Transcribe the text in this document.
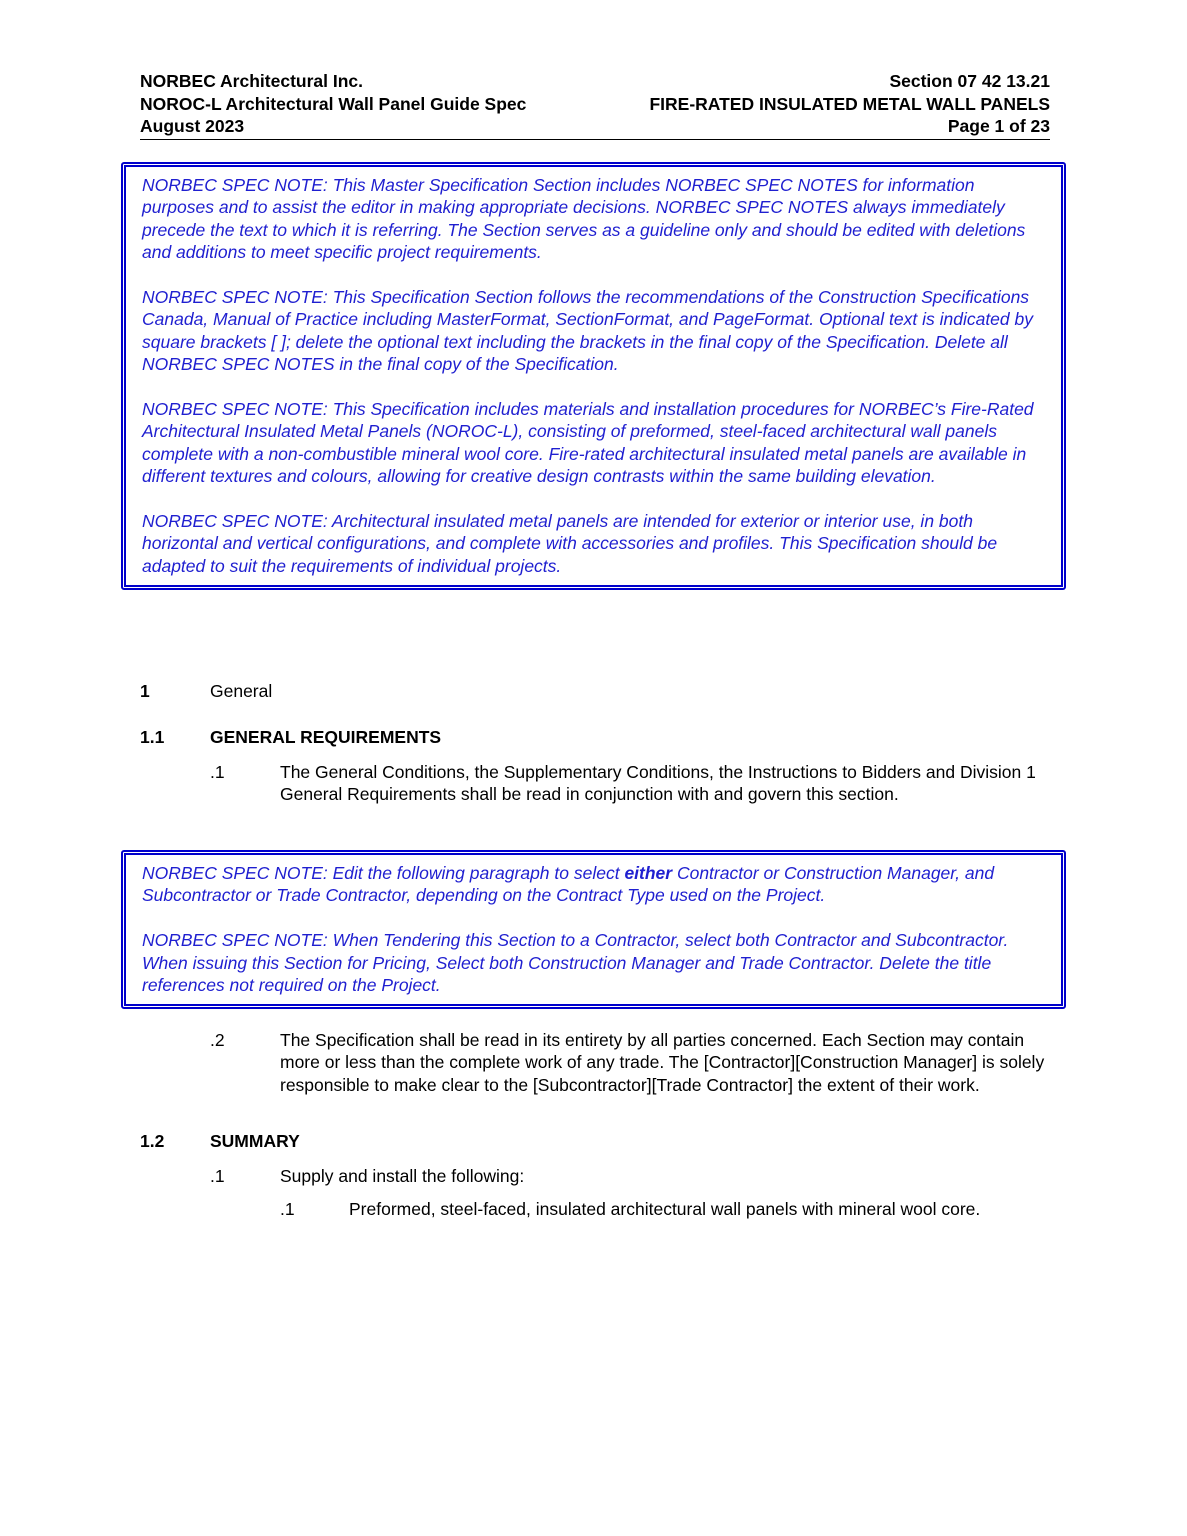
NORBEC Architectural Inc.	Section 07 42 13.21
NOROC-L Architectural Wall Panel Guide Spec	FIRE-RATED INSULATED METAL WALL PANELS
August 2023	Page 1 of 23

NORBEC SPEC NOTE: This Master Specification Section includes NORBEC SPEC NOTES for information purposes and to assist the editor in making appropriate decisions. NORBEC SPEC NOTES always immediately precede the text to which it is referring. The Section serves as a guideline only and should be edited with deletions and additions to meet specific project requirements.

NORBEC SPEC NOTE: This Specification Section follows the recommendations of the Construction Specifications Canada, Manual of Practice including MasterFormat, SectionFormat, and PageFormat. Optional text is indicated by square brackets [ ]; delete the optional text including the brackets in the final copy of the Specification. Delete all NORBEC SPEC NOTES in the final copy of the Specification.

NORBEC SPEC NOTE: This Specification includes materials and installation procedures for NORBEC’s Fire-Rated Architectural Insulated Metal Panels (NOROC-L), consisting of preformed, steel-faced architectural wall panels complete with a non-combustible mineral wool core. Fire-rated architectural insulated metal panels are available in different textures and colours, allowing for creative design contrasts within the same building elevation.

NORBEC SPEC NOTE: Architectural insulated metal panels are intended for exterior or interior use, in both horizontal and vertical configurations, and complete with accessories and profiles. This Specification should be adapted to suit the requirements of individual projects.

1	General
1.1	GENERAL REQUIREMENTS
.1	The General Conditions, the Supplementary Conditions, the Instructions to Bidders and Division 1 General Requirements shall be read in conjunction with and govern this section.

NORBEC SPEC NOTE: Edit the following paragraph to select either Contractor or Construction Manager, and Subcontractor or Trade Contractor, depending on the Contract Type used on the Project.

NORBEC SPEC NOTE: When Tendering this Section to a Contractor, select both Contractor and Subcontractor. When issuing this Section for Pricing, Select both Construction Manager and Trade Contractor. Delete the title references not required on the Project.

.2	The Specification shall be read in its entirety by all parties concerned. Each Section may contain more or less than the complete work of any trade. The [Contractor][Construction Manager] is solely responsible to make clear to the [Subcontractor][Trade Contractor] the extent of their work.
1.2	SUMMARY
.1	Supply and install the following:
.1	Preformed, steel-faced, insulated architectural wall panels with mineral wool core.
